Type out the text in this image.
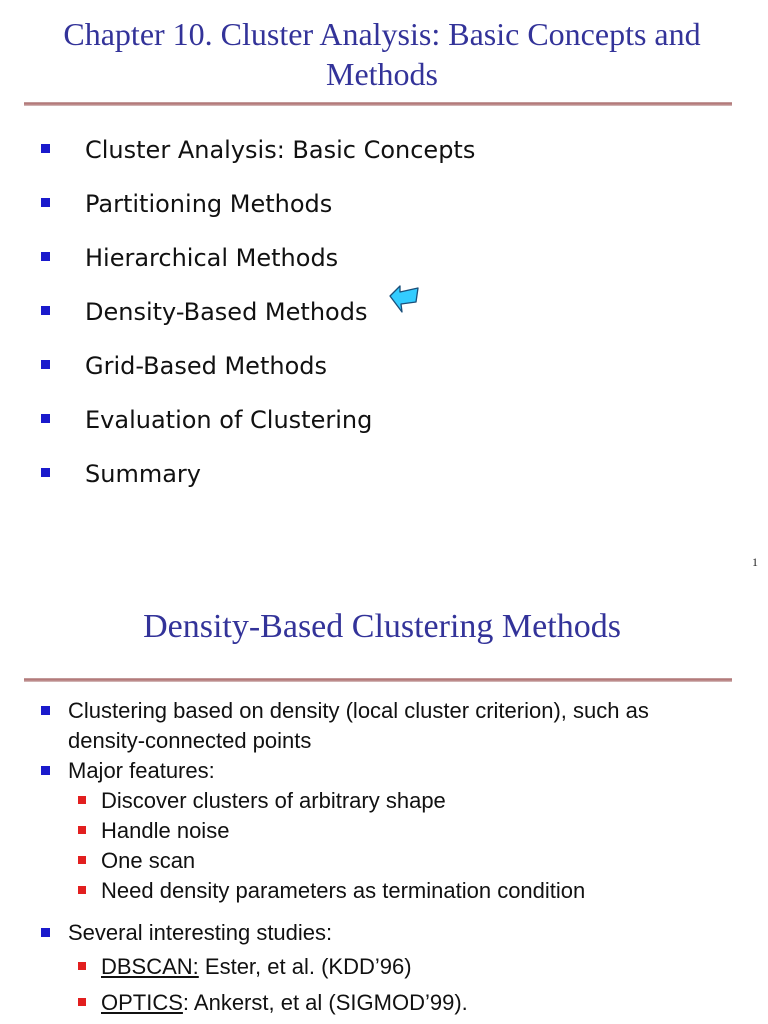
Chapter 10. Cluster Analysis: Basic Concepts and Methods
Cluster Analysis: Basic Concepts
Partitioning Methods
Hierarchical Methods
Density-Based Methods
Grid-Based Methods
Evaluation of Clustering
Summary
1
Density-Based Clustering Methods
Clustering based on density (local cluster criterion), such as
density-connected points
Major features:
Discover clusters of arbitrary shape
Handle noise
One scan
Need density parameters as termination condition
Several interesting studies:
DBSCAN: Ester, et al. (KDD’96)
OPTICS: Ankerst, et al (SIGMOD’99).
